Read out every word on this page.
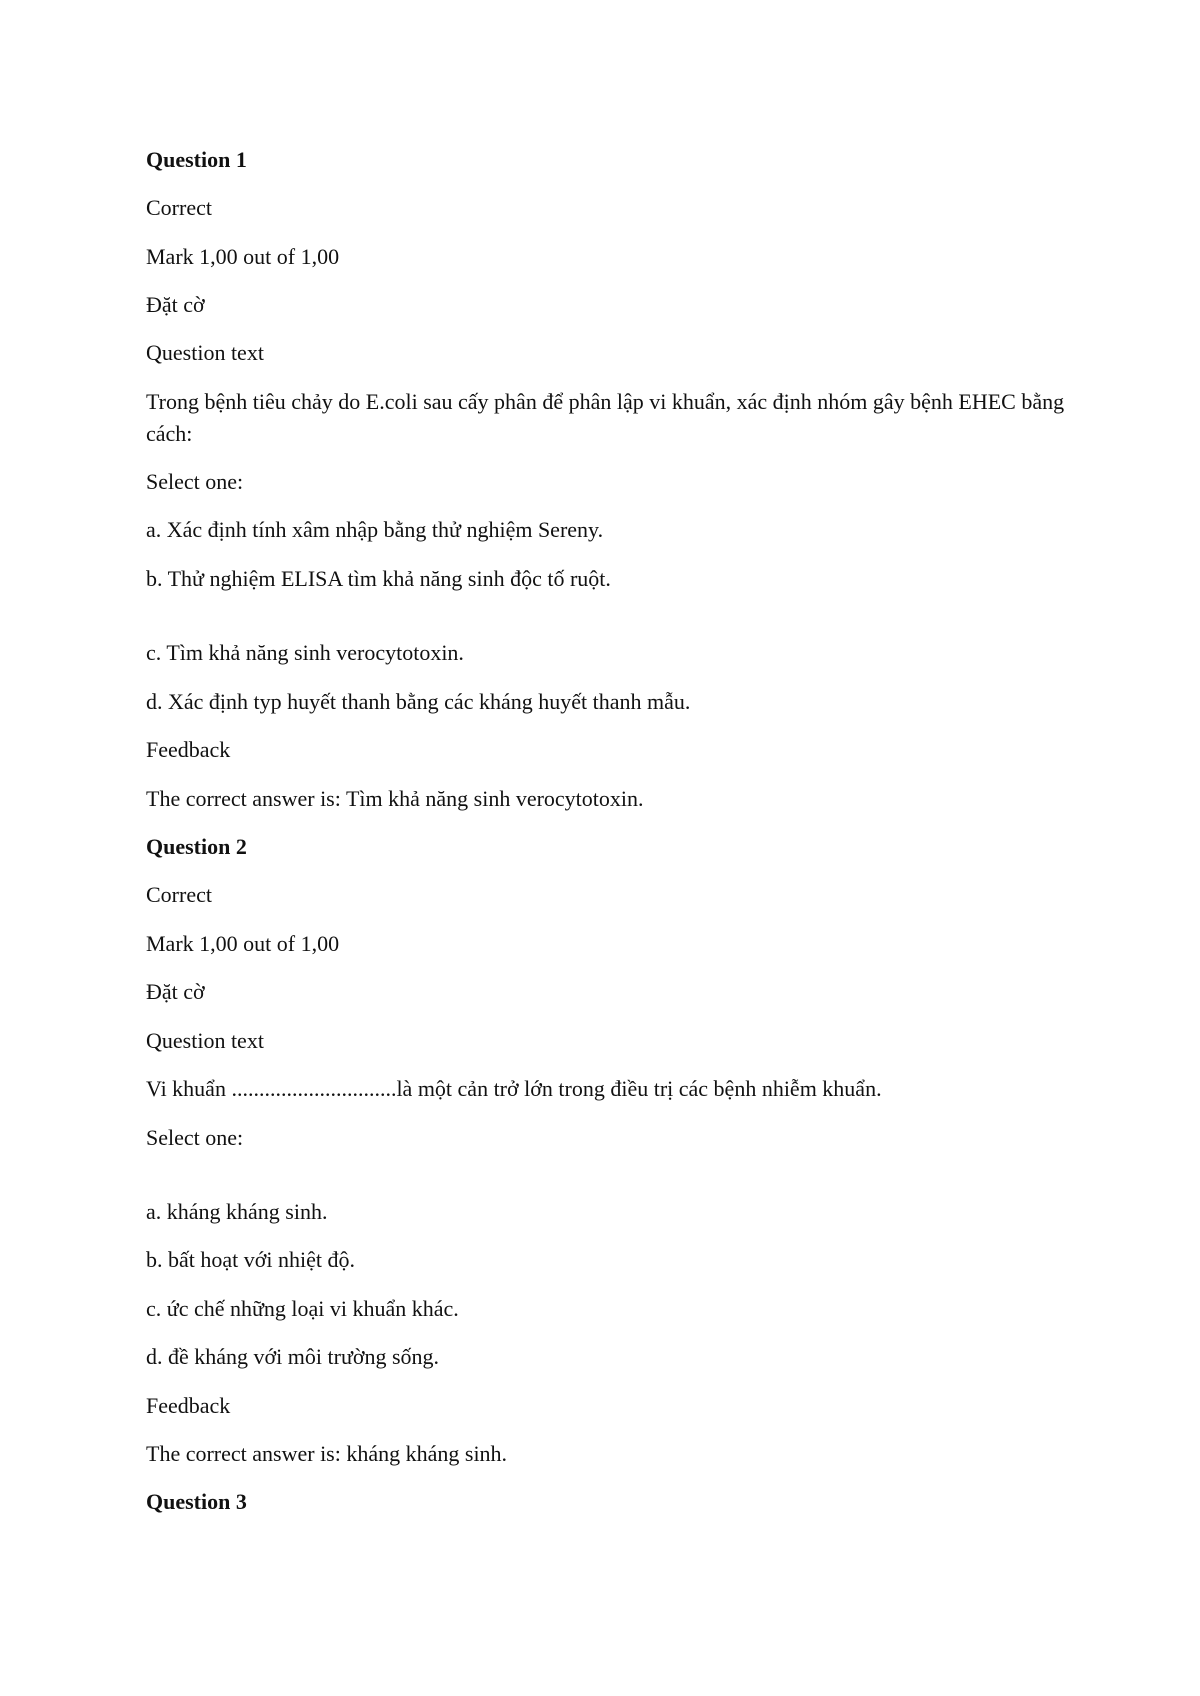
Question 1
Correct
Mark 1,00 out of 1,00
Đặt cờ
Question text
Trong bệnh tiêu chảy do E.coli sau cấy phân để phân lập vi khuẩn, xác định nhóm gây bệnh EHEC bằng cách:
Select one:
a. Xác định tính xâm nhập bằng thử nghiệm Sereny.
b. Thử nghiệm ELISA tìm khả năng sinh độc tố ruột.
c. Tìm khả năng sinh verocytotoxin.
d. Xác định typ huyết thanh bằng các kháng huyết thanh mẫu.
Feedback
The correct answer is: Tìm khả năng sinh verocytotoxin.
Question 2
Correct
Mark 1,00 out of 1,00
Đặt cờ
Question text
Vi khuẩn ..............................là một cản trở lớn trong điều trị các bệnh nhiễm khuẩn.
Select one:
a. kháng kháng sinh.
b. bất hoạt với nhiệt độ.
c. ức chế những loại vi khuẩn khác.
d. đề kháng với môi trường sống.
Feedback
The correct answer is: kháng kháng sinh.
Question 3
